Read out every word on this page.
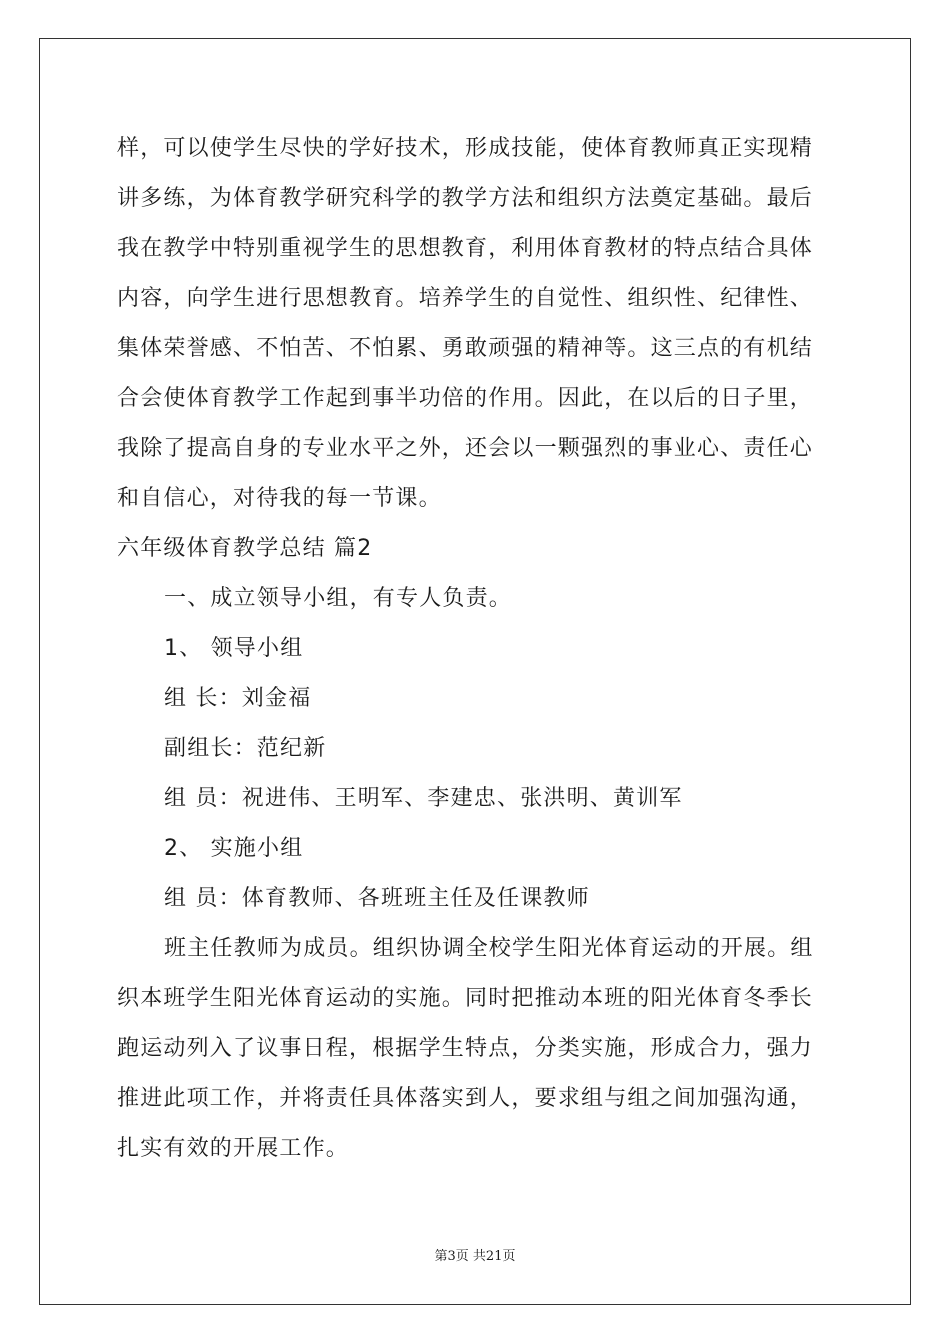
样，可以使学生尽快的学好技术，形成技能，使体育教师真正实现精
讲多练，为体育教学研究科学的教学方法和组织方法奠定基础。最后
我在教学中特别重视学生的思想教育，利用体育教材的特点结合具体
内容，向学生进行思想教育。培养学生的自觉性、组织性、纪律性、
集体荣誉感、不怕苦、不怕累、勇敢顽强的精神等。这三点的有机结
合会使体育教学工作起到事半功倍的作用。因此，在以后的日子里，
我除了提高自身的专业水平之外，还会以一颗强烈的事业心、责任心
和自信心，对待我的每一节课。
六年级体育教学总结 篇2
一、成立领导小组，有专人负责。
1、 领导小组
组 长：刘金福
副组长：范纪新
组 员：祝进伟、王明军、李建忠、张洪明、黄训军
2、 实施小组
组 员：体育教师、各班班主任及任课教师
班主任教师为成员。组织协调全校学生阳光体育运动的开展。组
织本班学生阳光体育运动的实施。同时把推动本班的阳光体育冬季长
跑运动列入了议事日程，根据学生特点，分类实施，形成合力，强力
推进此项工作，并将责任具体落实到人，要求组与组之间加强沟通，
扎实有效的开展工作。
第3页 共21页
